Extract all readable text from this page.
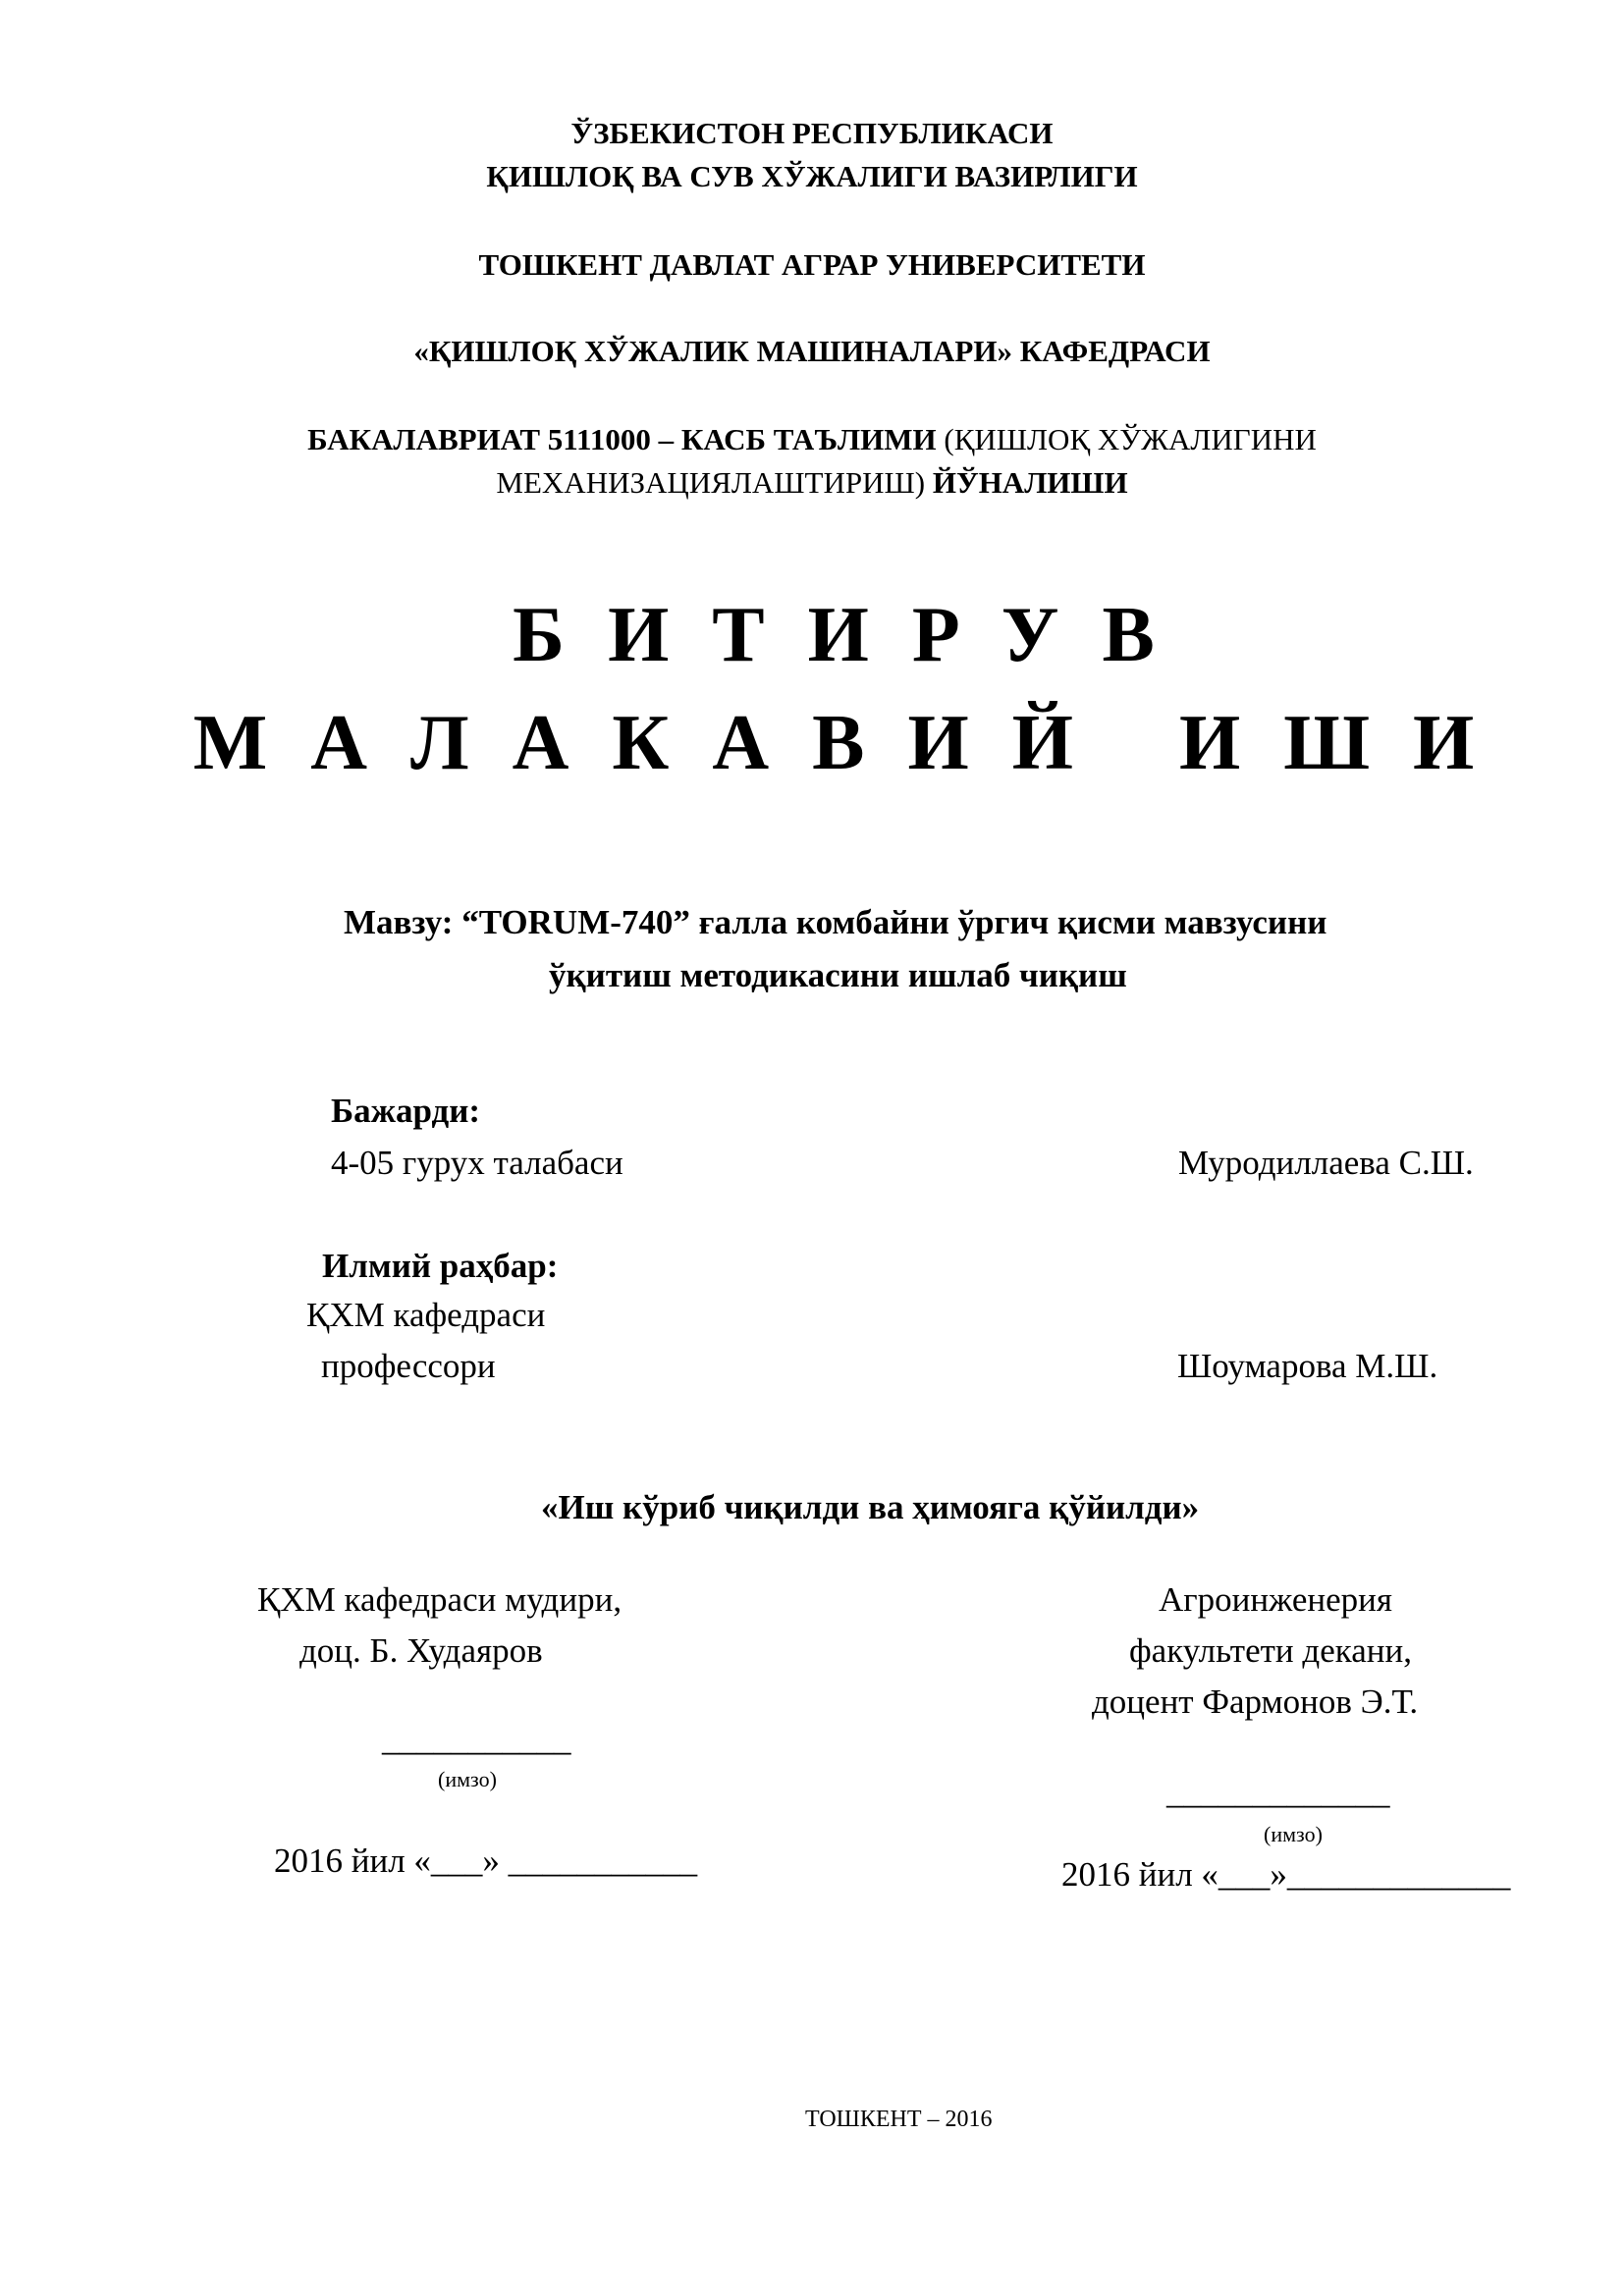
ЎЗБЕКИСТОН РЕСПУБЛИКАСИ
ҚИШЛОҚ ВА СУВ ХЎЖАЛИГИ ВАЗИРЛИГИ
ТОШКЕНТ ДАВЛАТ АГРАР УНИВЕРСИТЕТИ
«ҚИШЛОҚ ХЎЖАЛИК МАШИНАЛАРИ» КАФЕДРАСИ
БАКАЛАВРИАТ 5111000 – КАСБ ТАЪЛИМИ (ҚИШЛОҚ ХЎЖАЛИГИНИ
МЕХАНИЗАЦИЯЛАШТИРИШ) ЙЎНАЛИШИ
БИТИРУВ
МАЛАКАВИЙ ИШИ
Мавзу: “TORUM-740” ғалла комбайни ўргич қисми мавзусини
ўқитиш методикасини ишлаб чиқиш
Бажарди:
4-05 гурух талабаси	Муродиллаева С.Ш.
Илмий раҳбар:
ҚХМ кафедраси
профессори	Шоумарова М.Ш.
«Иш кўриб чиқилди ва ҳимояга қўйилди»
ҚХМ кафедраси мудири,
доц. Б. Худаяров
___________
(имзо)
2016 йил «___» ___________
Агроинженерия
факультети декани,
доцент Фармонов Э.Т.
_____________
(имзо)
2016 йил «___»_____________
ТОШКЕНТ – 2016
